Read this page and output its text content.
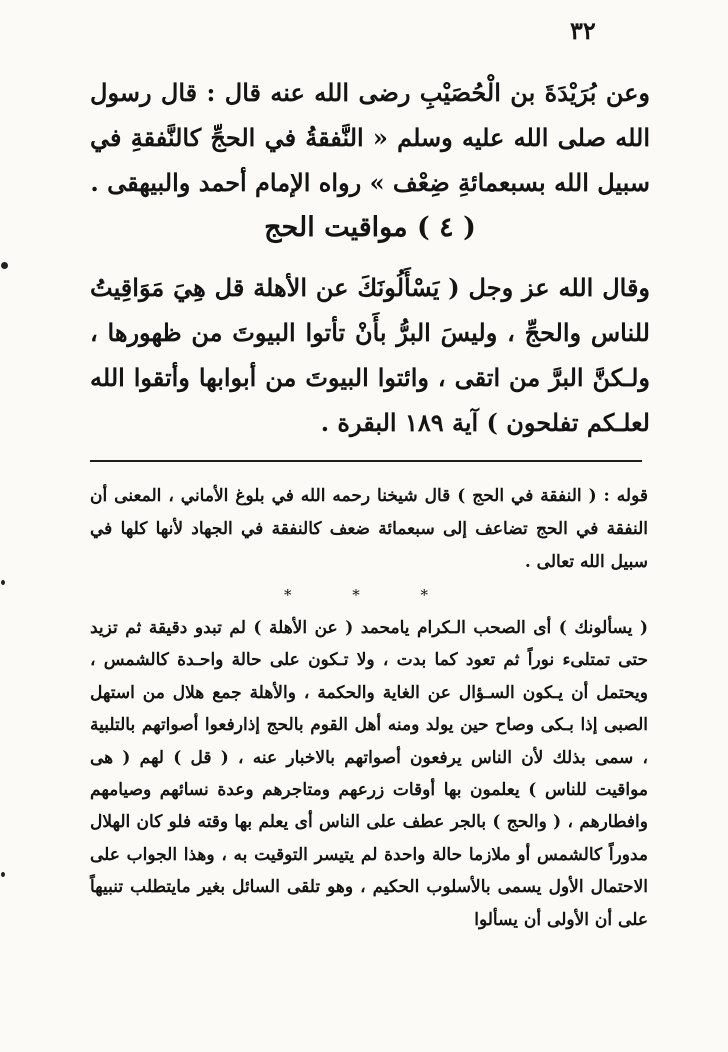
٣٢

وعن بُرَيْدَةَ بن الْحُصَيْبِ رضى الله عنه قال : قال رسول الله صلى الله عليه وسلم « النَّفقةُ في الحجِّ كالنَّفقةِ في سبيل الله بسبعمائةِ ضِعْف » رواه الإمام أحمد والبيهقى .

( ٤ ) مواقيت الحج

وقال الله عز وجل ( يَسْأَلُونَكَ عن الأهلة قل هِيَ مَوَاقِيتُ للناس والحجِّ ، وليسَ البرُّ بأَنْ تأتوا البيوتَ من ظهورها ، ولـكنَّ البرَّ من اتقى ، وائتوا البيوتَ من أبوابها وأتقوا الله لعلـكم تفلحون ) آية ١٨٩ البقرة .

قوله : ( النفقة في الحج ) قال شيخنا رحمه الله في بلوغ الأماني ، المعنى أن النفقة في الحج تضاعف إلى سبعمائة ضعف كالنفقة في الجهاد لأنها كلها في سبيل الله تعالى .

* * *

( يسألونك ) أى الصحب الـكرام يامحمد ( عن الأهلة ) لم تبدو دقيقة ثم تزيد حتى تمتلىء نوراً ثم تعود كما بدت ، ولا تـكون على حالة واحـدة كالشمس ، ويحتمل أن يـكون السـؤال عن الغاية والحكمة ، والأهلة جمع هلال من استهل الصبى إذا بـكى وصاح حين يولد ومنه أهل القوم بالحج إذارفعوا أصواتهم بالتلبية ، سمى بذلك لأن الناس يرفعون أصواتهم بالاخبار عنه ، ( قل ) لهم ( هى مواقيت للناس ) يعلمون بها أوقات زرعهم ومتاجرهم وعدة نسائهم وصيامهم وافطارهم ، ( والحج ) بالجر عطف على الناس أى يعلم بها وقته فلو كان الهلال مدوراً كالشمس أو ملازما حالة واحدة لم يتيسر التوقيت به ، وهذا الجواب على الاحتمال الأول يسمى بالأسلوب الحكيم ، وهو تلقى السائل بغير مايتطلب تنبيهاً على أن الأولى أن يسألوا
